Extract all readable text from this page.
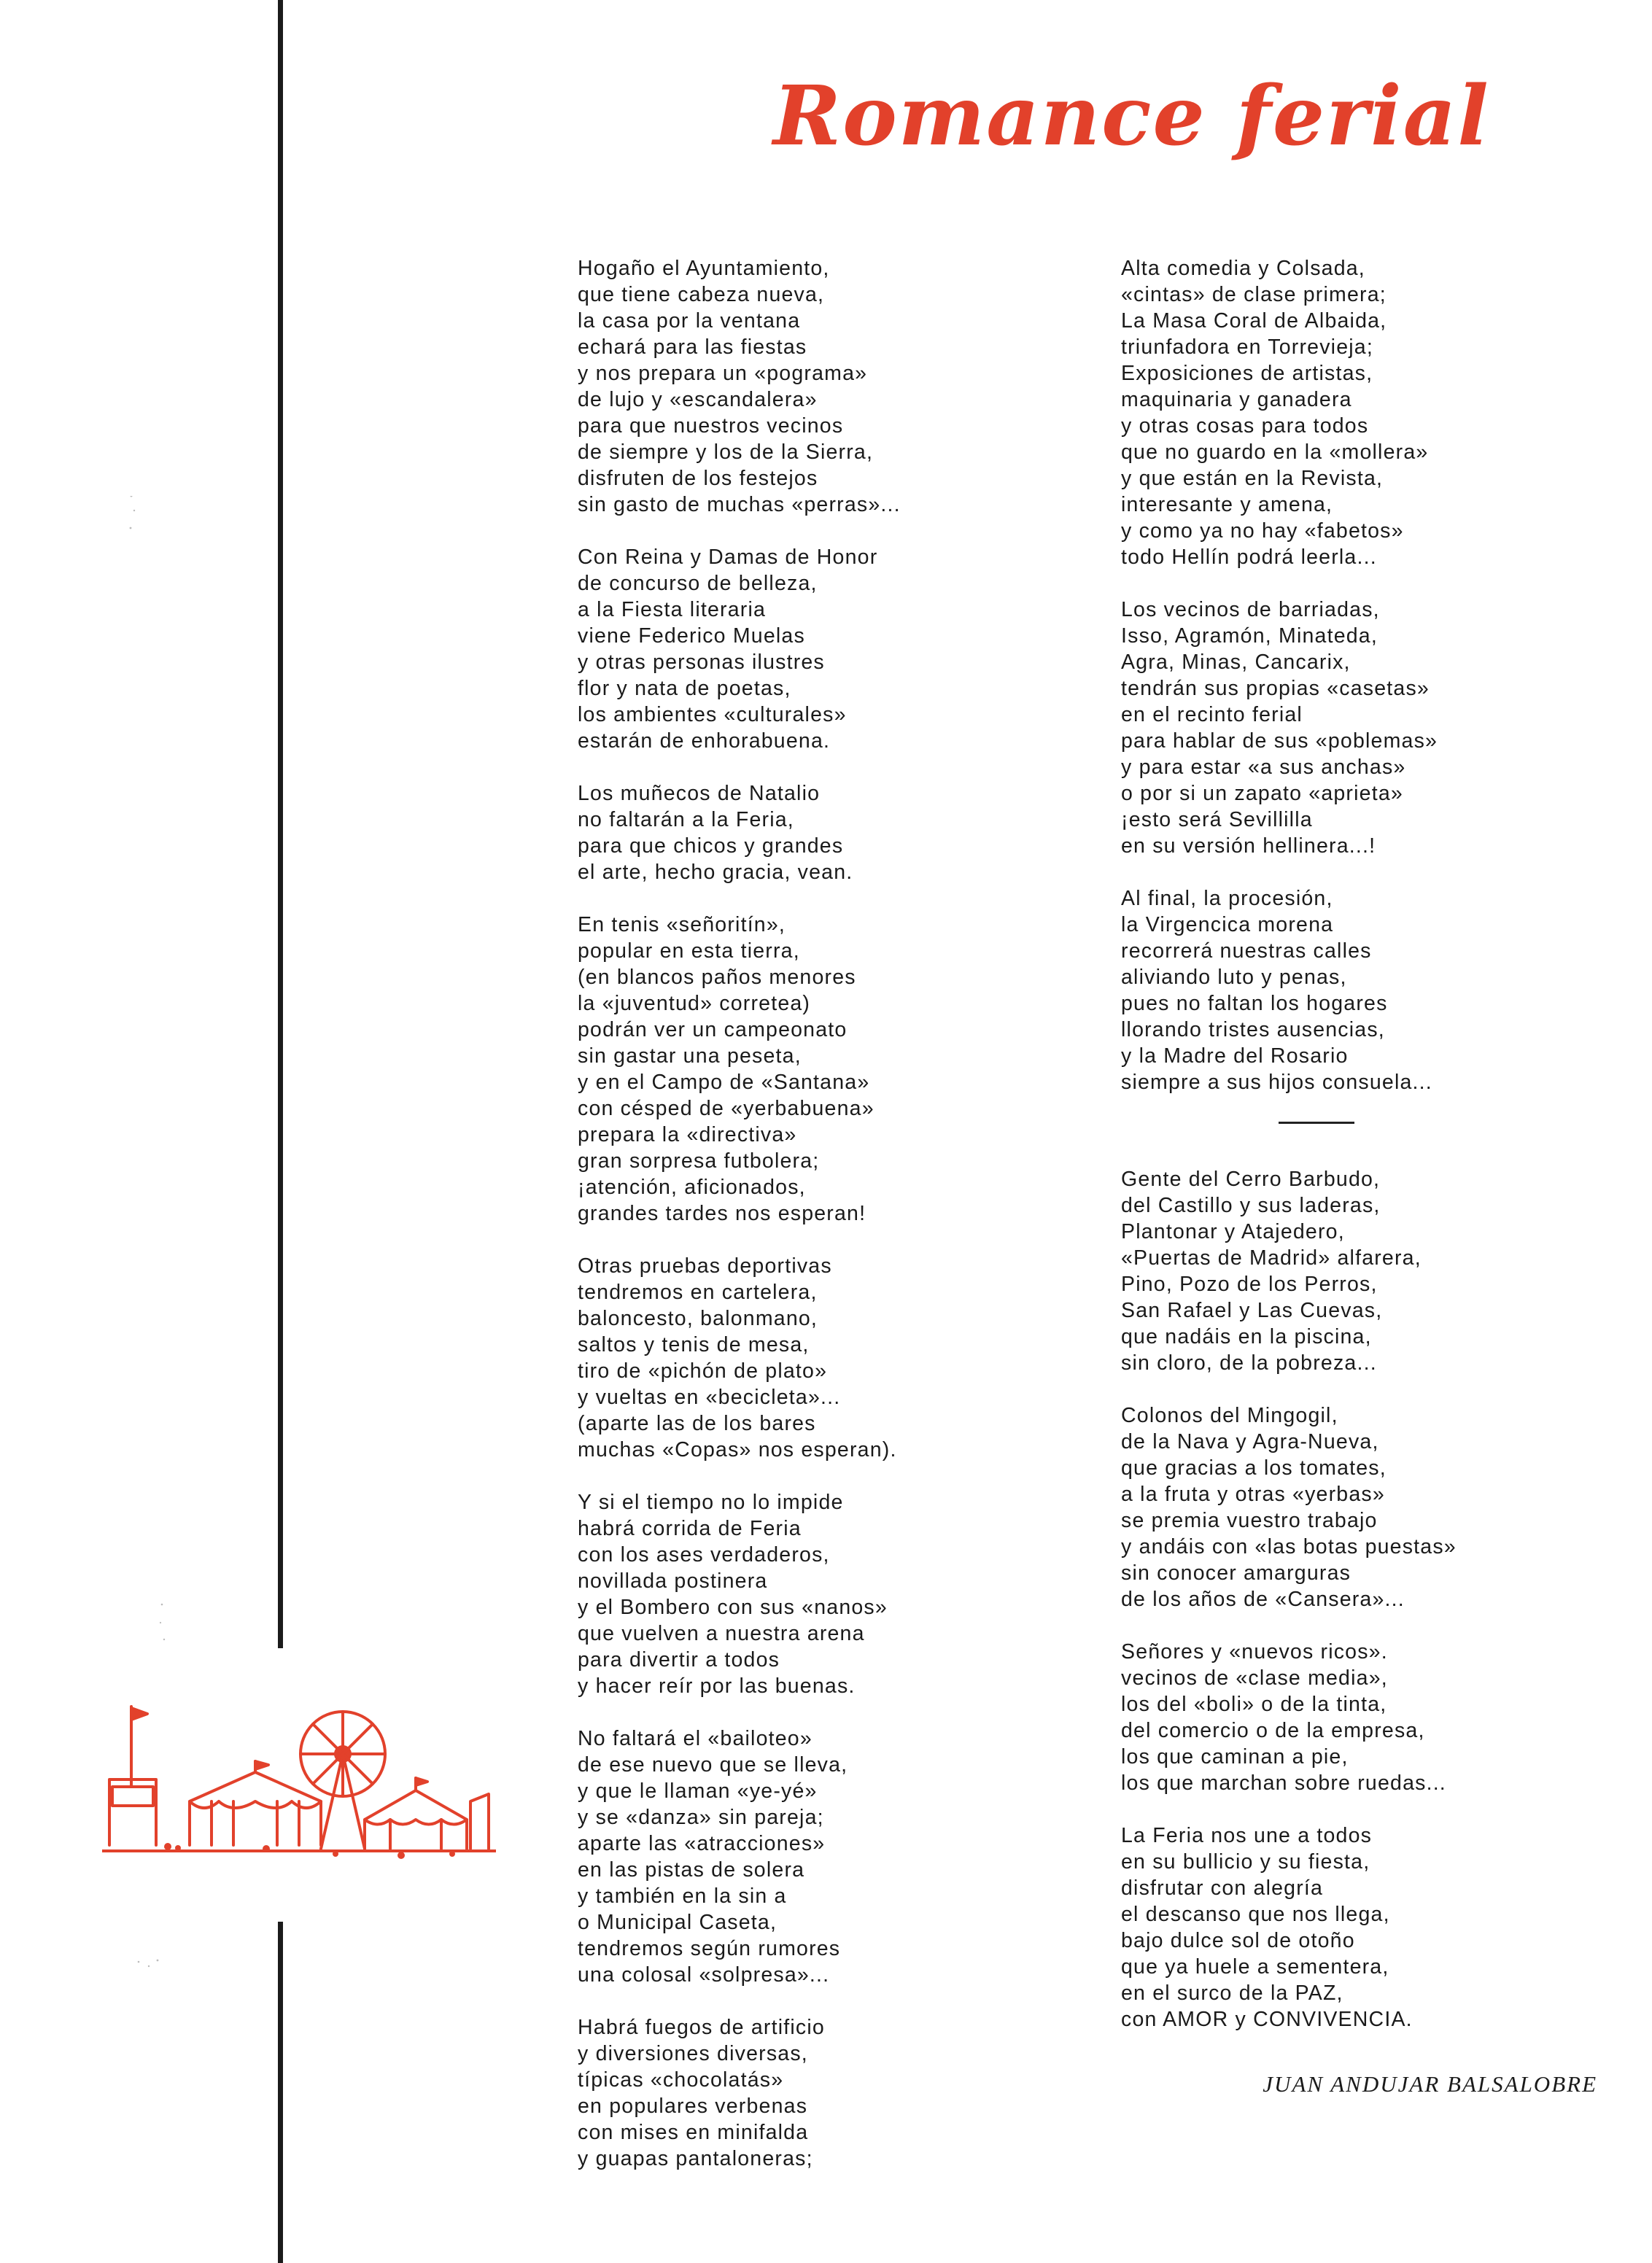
Romance ferial
Hogaño el Ayuntamiento,
que tiene cabeza nueva,
la casa por la ventana
echará para las fiestas
y nos prepara un «pograma»
de lujo y «escandalera»
para que nuestros vecinos
de siempre y los de la Sierra,
disfruten de los festejos
sin gasto de muchas «perras»...
Con Reina y Damas de Honor
de concurso de belleza,
a la Fiesta literaria
viene Federico Muelas
y otras personas ilustres
flor y nata de poetas,
los ambientes «culturales»
estarán de enhorabuena.
Los muñecos de Natalio
no faltarán a la Feria,
para que chicos y grandes
el arte, hecho gracia, vean.
En tenis «señoritín»,
popular en esta tierra,
(en blancos paños menores
la «juventud» corretea)
podrán ver un campeonato
sin gastar una peseta,
y en el Campo de «Santana»
con césped de «yerbabuena»
prepara la «directiva»
gran sorpresa futbolera;
¡atención, aficionados,
grandes tardes nos esperan!
Otras pruebas deportivas
tendremos en cartelera,
baloncesto, balonmano,
saltos y tenis de mesa,
tiro de «pichón de plato»
y vueltas en «becicleta»...
(aparte las de los bares
muchas «Copas» nos esperan).
Y si el tiempo no lo impide
habrá corrida de Feria
con los ases verdaderos,
novillada postinera
y el Bombero con sus «nanos»
que vuelven a nuestra arena
para divertir a todos
y hacer reír por las buenas.
No faltará el «bailoteo»
de ese nuevo que se lleva,
y que le llaman «ye-yé»
y se «danza» sin pareja;
aparte las «atracciones»
en las pistas de solera
y también en la sin a
o Municipal Caseta,
tendremos según rumores
una colosal «solpresa»...
Habrá fuegos de artificio
y diversiones diversas,
típicas «chocolatás»
en populares verbenas
con mises en minifalda
y guapas pantaloneras;
Alta comedia y Colsada,
«cintas» de clase primera;
La Masa Coral de Albaida,
triunfadora en Torrevieja;
Exposiciones de artistas,
maquinaria y ganadera
y otras cosas para todos
que no guardo en la «mollera»
y que están en la Revista,
interesante y amena,
y como ya no hay «fabetos»
todo Hellín podrá leerla...
Los vecinos de barriadas,
Isso, Agramón, Minateda,
Agra, Minas, Cancarix,
tendrán sus propias «casetas»
en el recinto ferial
para hablar de sus «poblemas»
y para estar «a sus anchas»
o por si un zapato «aprieta»
¡esto será Sevillilla
en su versión hellinera...!
Al final, la procesión,
la Virgencica morena
recorrerá nuestras calles
aliviando luto y penas,
pues no faltan los hogares
llorando tristes ausencias,
y la Madre del Rosario
siempre a sus hijos consuela...
Gente del Cerro Barbudo,
del Castillo y sus laderas,
Plantonar y Atajedero,
«Puertas de Madrid» alfarera,
Pino, Pozo de los Perros,
San Rafael y Las Cuevas,
que nadáis en la piscina,
sin cloro, de la pobreza...
Colonos del Mingogil,
de la Nava y Agra-Nueva,
que gracias a los tomates,
a la fruta y otras «yerbas»
se premia vuestro trabajo
y andáis con «las botas puestas»
sin conocer amarguras
de los años de «Cansera»...
Señores y «nuevos ricos».
vecinos de «clase media»,
los del «boli» o de la tinta,
del comercio o de la empresa,
los que caminan a pie,
los que marchan sobre ruedas...
La Feria nos une a todos
en su bullicio y su fiesta,
disfrutar con alegría
el descanso que nos llega,
bajo dulce sol de otoño
que ya huele a sementera,
en el surco de la PAZ,
con AMOR y CONVIVENCIA.
JUAN ANDUJAR BALSALOBRE
